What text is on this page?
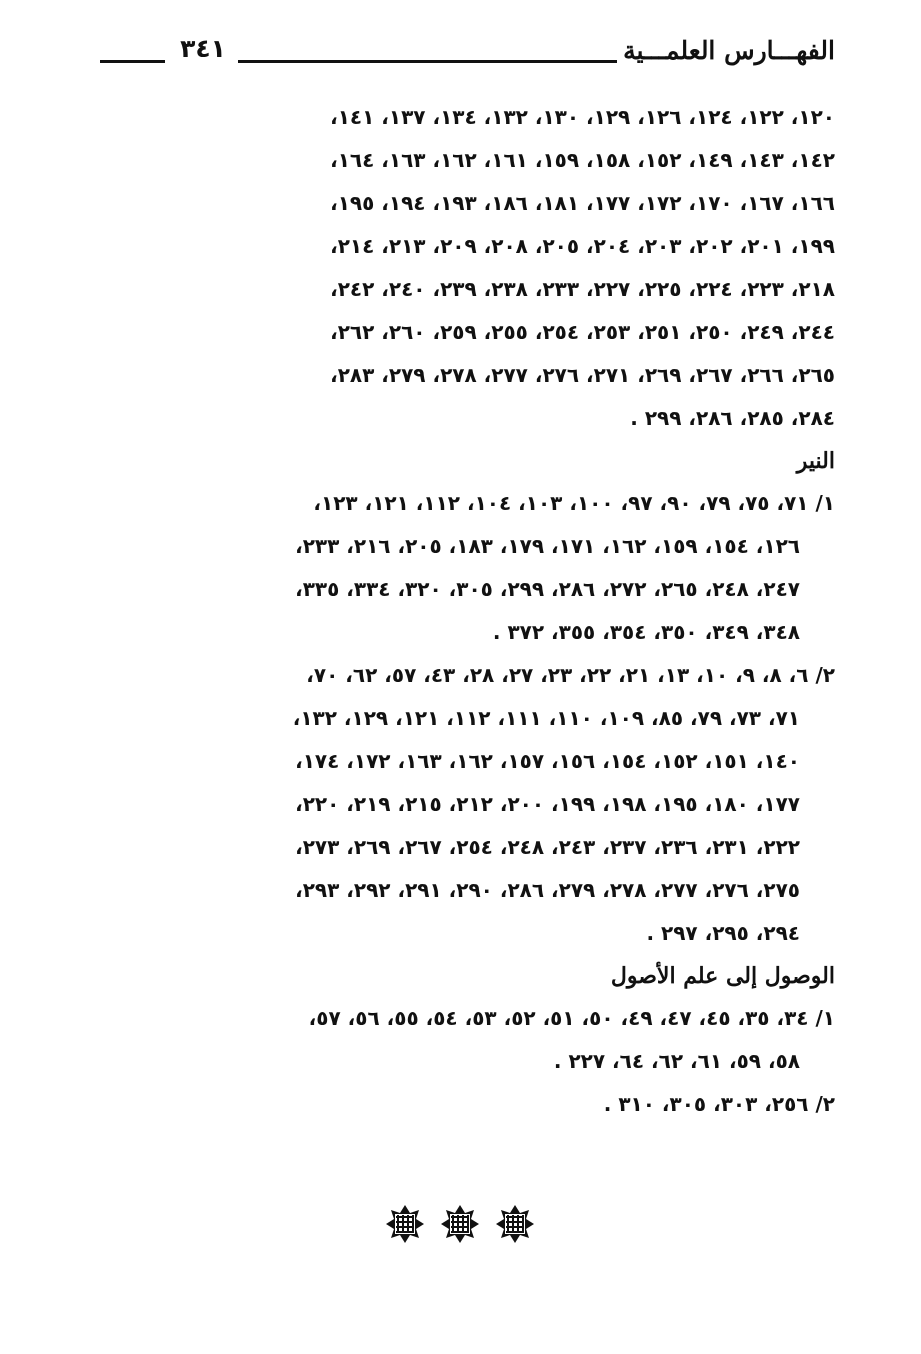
الفهـــارس العلمـــية
٣٤١
١٢٠، ١٢٢، ١٢٤، ١٢٦، ١٢٩، ١٣٠، ١٣٢، ١٣٤، ١٣٧، ١٤١،
١٤٢، ١٤٣، ١٤٩، ١٥٢، ١٥٨، ١٥٩، ١٦١، ١٦٢، ١٦٣، ١٦٤،
١٦٦، ١٦٧، ١٧٠، ١٧٢، ١٧٧، ١٨١، ١٨٦، ١٩٣، ١٩٤، ١٩٥،
١٩٩، ٢٠١، ٢٠٢، ٢٠٣، ٢٠٤، ٢٠٥، ٢٠٨، ٢٠٩، ٢١٣، ٢١٤،
٢١٨، ٢٢٣، ٢٢٤، ٢٢٥، ٢٢٧، ٢٣٣، ٢٣٨، ٢٣٩، ٢٤٠، ٢٤٢،
٢٤٤، ٢٤٩، ٢٥٠، ٢٥١، ٢٥٣، ٢٥٤، ٢٥٥، ٢٥٩، ٢٦٠، ٢٦٢،
٢٦٥، ٢٦٦، ٢٦٧، ٢٦٩، ٢٧١، ٢٧٦، ٢٧٧، ٢٧٨، ٢٧٩، ٢٨٣،
٢٨٤، ٢٨٥، ٢٨٦، ٢٩٩ .
النير
١/ ٧١، ٧٥، ٧٩، ٩٠، ٩٧، ١٠٠، ١٠٣، ١٠٤، ١١٢، ١٢١، ١٢٣،
١٢٦، ١٥٤، ١٥٩، ١٦٢، ١٧١، ١٧٩، ١٨٣، ٢٠٥، ٢١٦، ٢٣٣،
٢٤٧، ٢٤٨، ٢٦٥، ٢٧٢، ٢٨٦، ٢٩٩، ٣٠٥، ٣٢٠، ٣٣٤، ٣٣٥،
٣٤٨، ٣٤٩، ٣٥٠، ٣٥٤، ٣٥٥، ٣٧٢ .
٢/ ٦، ٨، ٩، ١٠، ١٣، ٢١، ٢٢، ٢٣، ٢٧، ٢٨، ٤٣، ٥٧، ٦٢، ٧٠،
٧١، ٧٣، ٧٩، ٨٥، ١٠٩، ١١٠، ١١١، ١١٢، ١٢١، ١٢٩، ١٣٢،
١٤٠، ١٥١، ١٥٢، ١٥٤، ١٥٦، ١٥٧، ١٦٢، ١٦٣، ١٧٢، ١٧٤،
١٧٧، ١٨٠، ١٩٥، ١٩٨، ١٩٩، ٢٠٠، ٢١٢، ٢١٥، ٢١٩، ٢٢٠،
٢٢٢، ٢٣١، ٢٣٦، ٢٣٧، ٢٤٣، ٢٤٨، ٢٥٤، ٢٦٧، ٢٦٩، ٢٧٣،
٢٧٥، ٢٧٦، ٢٧٧، ٢٧٨، ٢٧٩، ٢٨٦، ٢٩٠، ٢٩١، ٢٩٢، ٢٩٣،
٢٩٤، ٢٩٥، ٢٩٧ .
الوصول إلى علم الأصول
١/ ٣٤، ٣٥، ٤٥، ٤٧، ٤٩، ٥٠، ٥١، ٥٢، ٥٣، ٥٤، ٥٥، ٥٦، ٥٧،
٥٨، ٥٩، ٦١، ٦٢، ٦٤، ٢٢٧ .
٢/ ٢٥٦، ٣٠٣، ٣٠٥، ٣١٠ .
